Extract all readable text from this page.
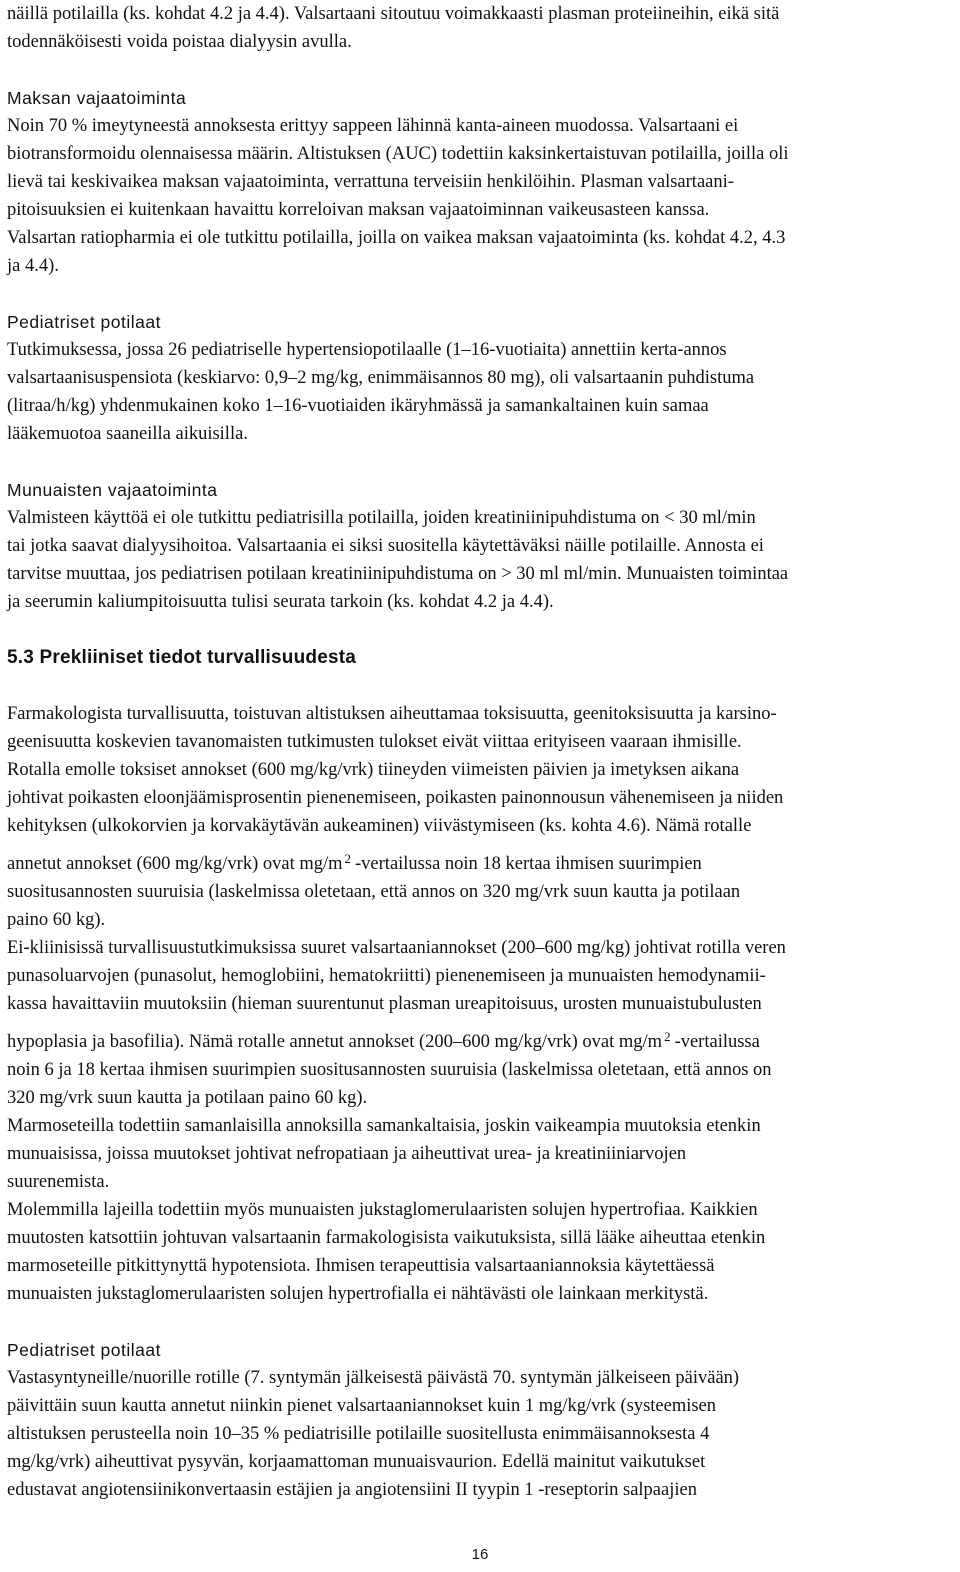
näillä potilailla (ks. kohdat 4.2 ja 4.4). Valsartaani sitoutuu voimakkaasti plasman proteiineihin, eikä sitä
todennäköisesti voida poistaa dialyysin avulla.
Maksan vajaatoiminta
Noin 70 % imeytyneestä annoksesta erittyy sappeen lähinnä kanta-aineen muodossa. Valsartaani ei
biotransformoidu olennaisessa määrin. Altistuksen (AUC) todettiin kaksinkertaistuvan potilailla, joilla oli
lievä tai keskivaikea maksan vajaatoiminta, verrattuna terveisiin henkilöihin. Plasman valsartaani-
pitoisuuksien ei kuitenkaan havaittu korreloivan maksan vajaatoiminnan vaikeusasteen kanssa.
Valsartan ratiopharmia ei ole tutkittu potilailla, joilla on vaikea maksan vajaatoiminta (ks. kohdat 4.2, 4.3
ja 4.4).
Pediatriset potilaat
Tutkimuksessa, jossa 26 pediatriselle hypertensiopotilaalle (1–16-vuotiaita) annettiin kerta-annos
valsartaanisuspensiota (keskiarvo: 0,9–2 mg/kg, enimmäisannos 80 mg), oli valsartaanin puhdistuma
(litraa/h/kg) yhdenmukainen koko 1–16-vuotiaiden ikäryhmässä ja samankaltainen kuin samaa
lääkemuotoa saaneilla aikuisilla.
Munuaisten vajaatoiminta
Valmisteen käyttöä ei ole tutkittu pediatrisilla potilailla, joiden kreatiniinipuhdistuma on < 30 ml/min
tai jotka saavat dialyysihoitoa. Valsartaania ei siksi suositella käytettäväksi näille potilaille. Annosta ei
tarvitse muuttaa, jos pediatrisen potilaan kreatiniinipuhdistuma on > 30 ml ml/min. Munuaisten toimintaa
ja seerumin kaliumpitoisuutta tulisi seurata tarkoin (ks. kohdat 4.2 ja 4.4).
5.3 Prekliiniset tiedot turvallisuudesta
Farmakologista turvallisuutta, toistuvan altistuksen aiheuttamaa toksisuutta, geenitoksisuutta ja karsino-
geenisuutta koskevien tavanomaisten tutkimusten tulokset eivät viittaa erityiseen vaaraan ihmisille.
Rotalla emolle toksiset annokset (600 mg/kg/vrk) tiineyden viimeisten päivien ja imetyksen aikana
johtivat poikasten eloonjäämisprosentin pienenemiseen, poikasten painonnousun vähenemiseen ja niiden
kehityksen (ulkokorvien ja korvakäytävän aukeaminen) viivästymiseen (ks. kohta 4.6). Nämä rotalle
annetut annokset (600 mg/kg/vrk) ovat mg/m $^2$ -vertailussa noin 18 kertaa ihmisen suurimpien
suositusannosten suuruisia (laskelmissa oletetaan, että annos on 320 mg/vrk suun kautta ja potilaan
paino 60 kg).
Ei-kliinisissä turvallisuustutkimuksissa suuret valsartaaniannokset (200–600 mg/kg) johtivat rotilla veren
punasoluarvojen (punasolut, hemoglobiini, hematokriitti) pienenemiseen ja munuaisten hemodynamii-
kassa havaittaviin muutoksiin (hieman suurentunut plasman ureapitoisuus, urosten munuaistubulusten
hypoplasia ja basofilia). Nämä rotalle annetut annokset (200–600 mg/kg/vrk) ovat mg/m $^2$ -vertailussa
noin 6 ja 18 kertaa ihmisen suurimpien suositusannosten suuruisia (laskelmissa oletetaan, että annos on
320 mg/vrk suun kautta ja potilaan paino 60 kg).
Marmoseteilla todettiin samanlaisilla annoksilla samankaltaisia, joskin vaikeampia muutoksia etenkin
munuaisissa, joissa muutokset johtivat nefropatiaan ja aiheuttivat urea- ja kreatiniiniarvojen
suurenemista.
Molemmilla lajeilla todettiin myös munuaisten jukstaglomerulaaristen solujen hypertrofiaa. Kaikkien
muutosten katsottiin johtuvan valsartaanin farmakologisista vaikutuksista, sillä lääke aiheuttaa etenkin
marmoseteille pitkittynyttä hypotensiota. Ihmisen terapeuttisia valsartaaniannoksia käytettäessä
munuaisten jukstaglomerulaaristen solujen hypertrofialla ei nähtävästi ole lainkaan merkitystä.
Pediatriset potilaat
Vastasyntyneille/nuorille rotille (7. syntymän jälkeisestä päivästä 70. syntymän jälkeiseen päivään)
päivittäin suun kautta annetut niinkin pienet valsartaaniannokset kuin 1 mg/kg/vrk (systeemisen
altistuksen perusteella noin 10–35 % pediatrisille potilaille suositellusta enimmäisannoksesta 4
mg/kg/vrk) aiheuttivat pysyvän, korjaamattoman munuaisvaurion. Edellä mainitut vaikutukset
edustavat angiotensiinikonvertaasin estäjien ja angiotensiini II tyypin 1 -reseptorin salpaajien
16
